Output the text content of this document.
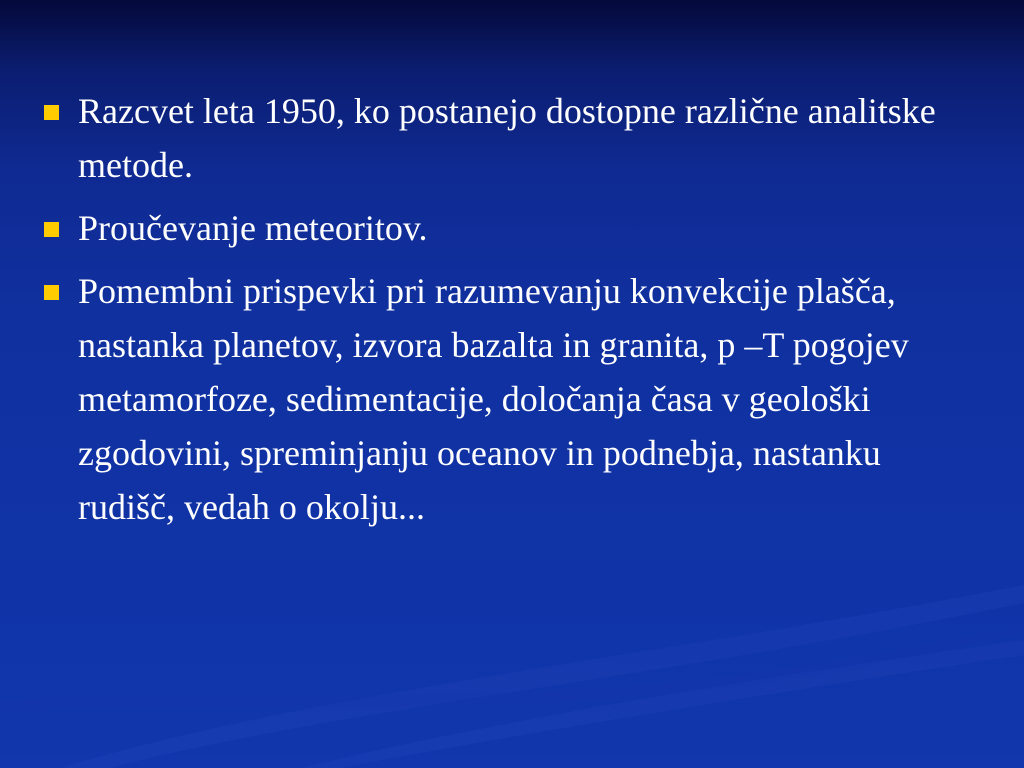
Razcvet leta 1950, ko postanejo dostopne različne analitske metode.
Proučevanje meteoritov.
Pomembni prispevki pri razumevanju konvekcije plašča, nastanka planetov, izvora bazalta in granita, p –T pogojev metamorfoze, sedimentacije, določanja časa v geološki zgodovini, spreminjanju oceanov in podnebja, nastanku rudišč, vedah o okolju...
